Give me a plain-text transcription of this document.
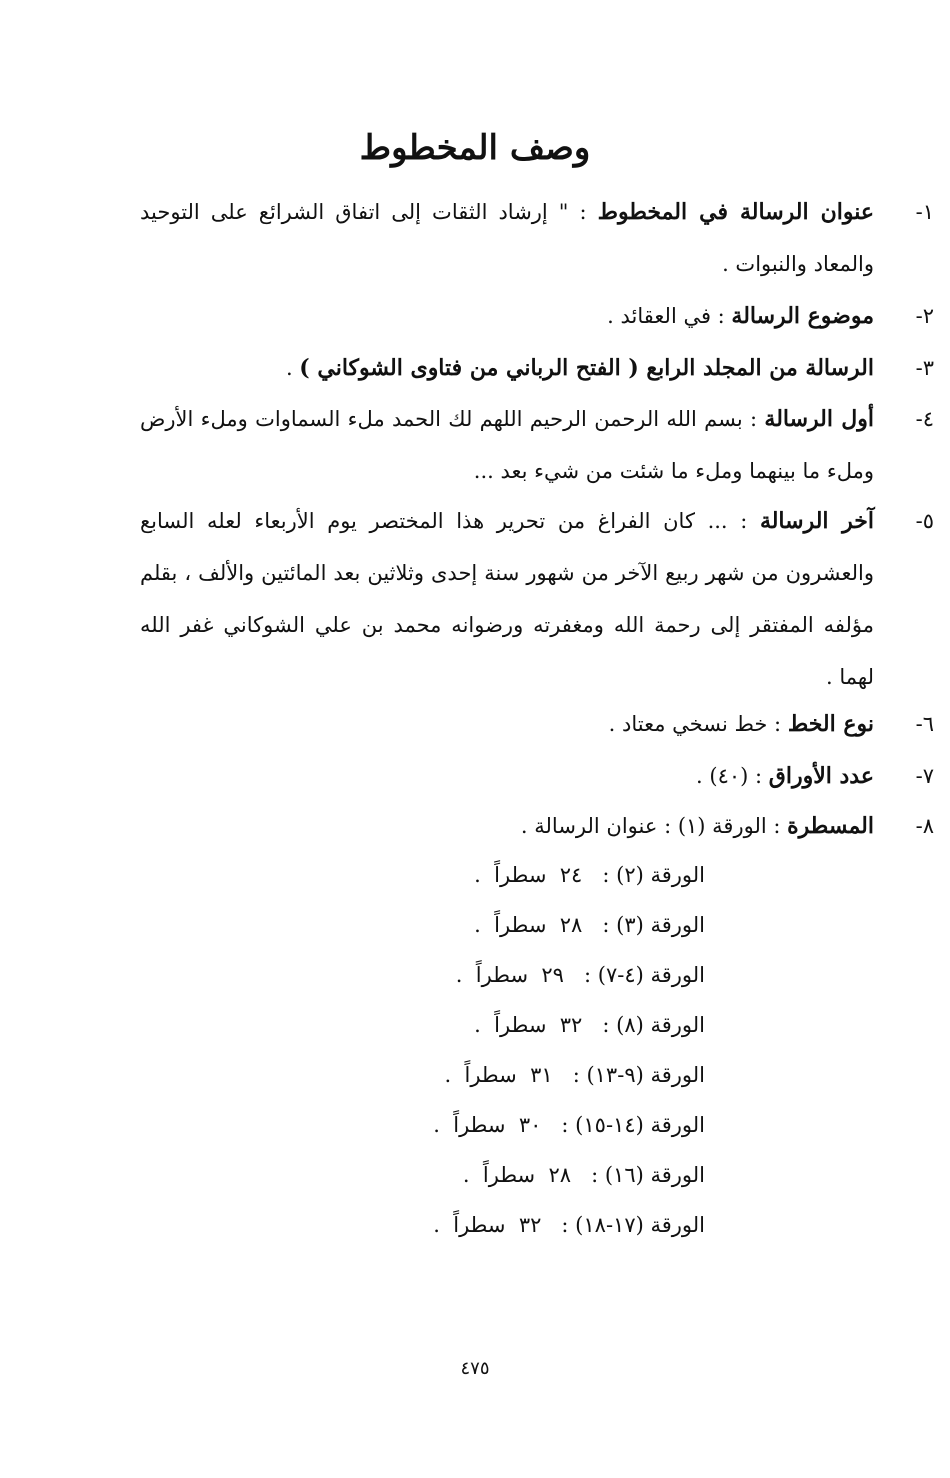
وصف المخطوط
١-
عنوان الرسالة في المخطوط : " إرشاد الثقات إلى اتفاق الشرائع على التوحيد والمعاد والنبوات .
٢-
موضوع الرسالة : في العقائد .
٣-
الرسالة من المجلد الرابع ( الفتح الرباني من فتاوى الشوكاني ) .
٤-
أول الرسالة : بسم الله الرحمن الرحيم اللهم لك الحمد ملء السماوات وملء الأرض وملء ما بينهما وملء ما شئت من شيء بعد ...
٥-
آخر الرسالة : ... كان الفراغ من تحرير هذا المختصر يوم الأربعاء لعله السابع والعشرون من شهر ربيع الآخر من شهور سنة إحدى وثلاثين بعد المائتين والألف ، بقلم مؤلفه المفتقر إلى رحمة الله ومغفرته ورضوانه محمد بن علي الشوكاني غفر الله لهما .
٦-
نوع الخط : خط نسخي معتاد .
٧-
عدد الأوراق : (٤٠) .
٨-
المسطرة : الورقة (١) : عنوان الرسالة .
الورقة (٢) :   ٢٤  سطراً  .
الورقة (٣) :   ٢٨  سطراً  .
الورقة (٤-٧) :   ٢٩  سطراً  .
الورقة (٨) :   ٣٢  سطراً  .
الورقة (٩-١٣) :   ٣١  سطراً  .
الورقة (١٤-١٥) :   ٣٠  سطراً  .
الورقة (١٦) :   ٢٨  سطراً  .
الورقة (١٧-١٨) :   ٣٢  سطراً  .
٤٧٥
